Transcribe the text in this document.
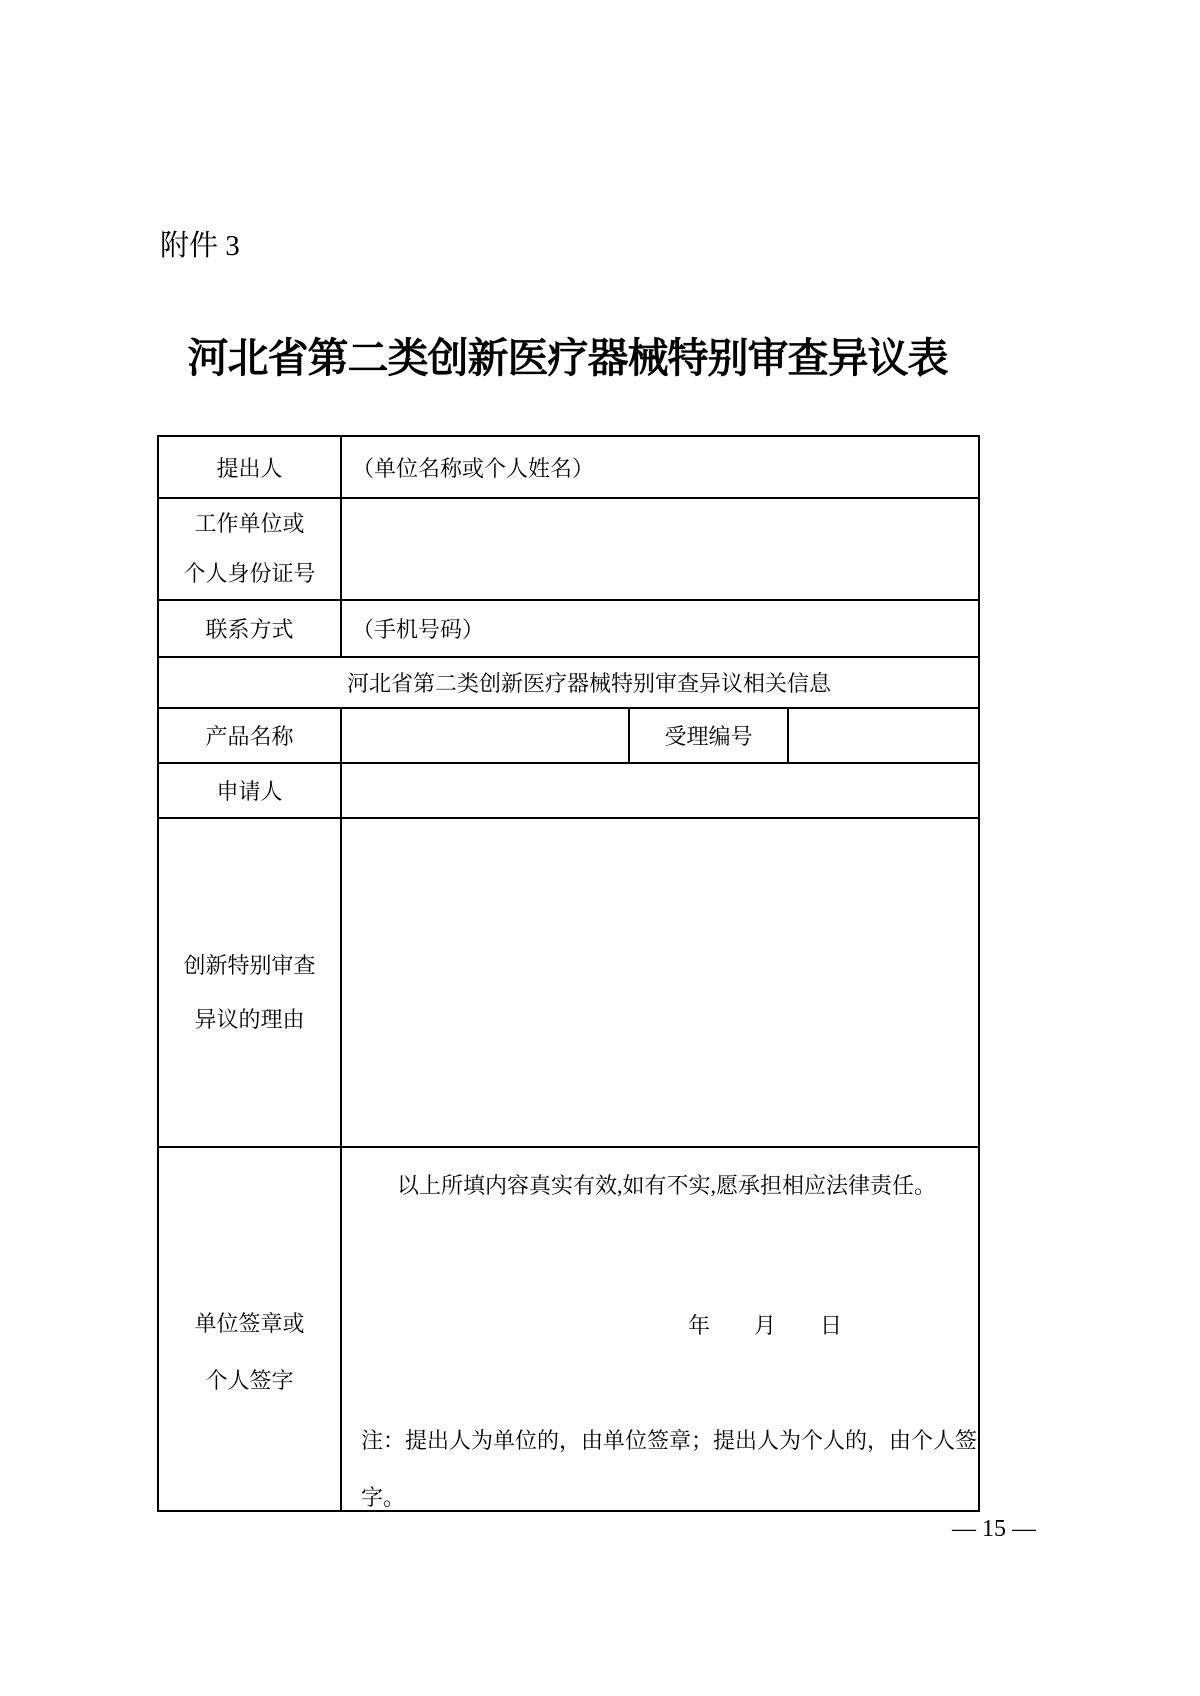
附件 3
河北省第二类创新医疗器械特别审查异议表
提出人	（单位名称或个人姓名）		

工作单位或
个人身份证号			

联系方式	（手机号码）		
河北省第二类创新医疗器械特别审查异议相关信息			
产品名称		受理编号	
申请人			

创新特别审查
异议的理由			

单位签章或
个人签字

以上所填内容真实有效,如有不实,愿承担相应法律责任。
年　　月　　日
注：提出人为单位的，由单位签章；提出人为个人的，由个人签
字。
— 15 —
